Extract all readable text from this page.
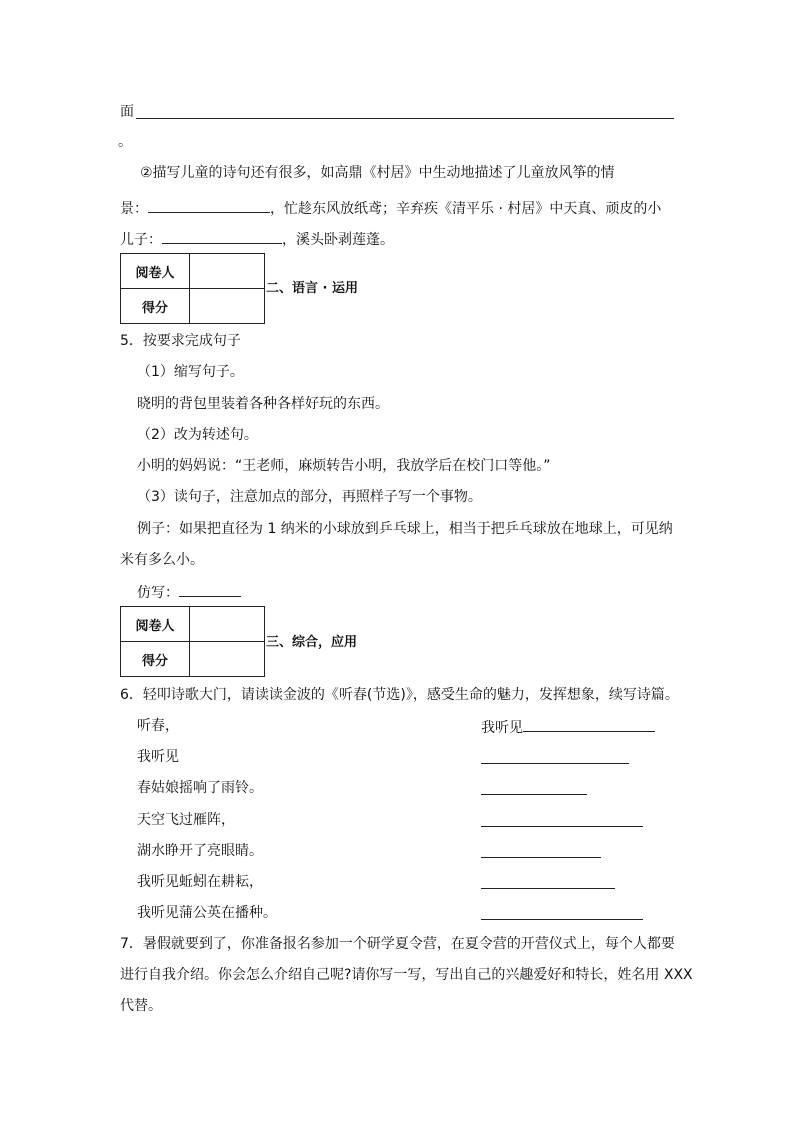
面
。
②描写儿童的诗句还有很多，如高鼎《村居》中生动地描述了儿童放风筝的情
景：	，忙趁东风放纸鸢；辛弃疾《清平乐 · 村居》中天真、顽皮的小
儿子：	，溪头卧剥莲蓬。
阅卷人	
得分	
二、语言 · 运用
5．按要求完成句子
（1）缩写句子。
晓明的背包里装着各种各样好玩的东西。
（2）改为转述句。
小明的妈妈说：“王老师，麻烦转告小明，我放学后在校门口等他。”
（3）读句子，注意加点的部分，再照样子写一个事物。
例子：如果把直径为 1 纳米的小球放到乒乓球上，相当于把乒乓球放在地球上，可见纳
米有多么小。
仿写：
阅卷人	
得分	
三、综合，应用
6．轻叩诗歌大门，请读读金波的《听春(节选)》，感受生命的魅力，发挥想象，续写诗篇。
听春，
我听见
春姑娘摇响了雨铃。
天空飞过雁阵，
湖水睁开了亮眼睛。
我听见蚯蚓在耕耘，
我听见蒲公英在播种。
我听见
7．暑假就要到了，你准备报名参加一个研学夏令营，在夏令营的开营仪式上，每个人都要
进行自我介绍。你会怎么介绍自己呢?请你写一写，写出自己的兴趣爱好和特长，姓名用 XXX
代替。
